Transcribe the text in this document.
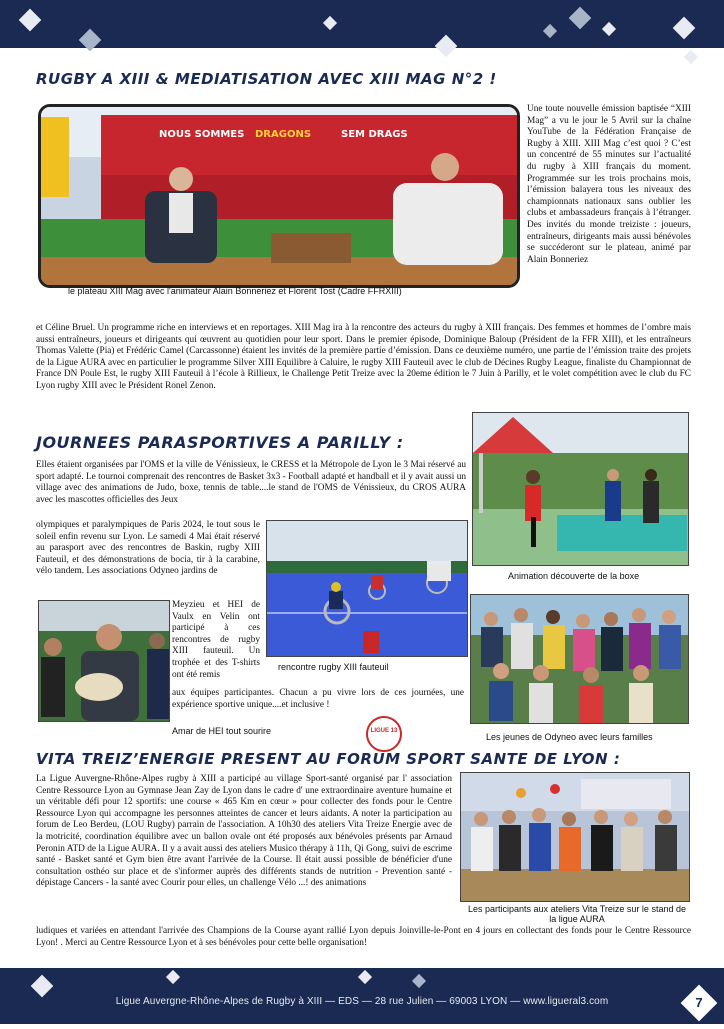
RUGBY A XIII & MEDIATISATION AVEC XIII MAG N°2 !
NOUS SOMMES DRAGONS	SEM DRAGS
le plateau XIII Mag avec l'animateur Alain Bonneriez et Florent Tost (Cadre FFRXIII)
Une toute nouvelle émission baptisée “XIII Mag” a vu le jour le 5 Avril sur la chaîne YouTube de la Fédération Française de Rugby à XIII. XIII Mag c’est quoi ? C’est un concentré de 55 minutes sur l’actualité du rugby à XIII français du moment. Programmée sur les trois prochains mois, l’émission balayera tous les niveaux des championnats nationaux sans oublier les clubs et ambassadeurs français à l’étranger. Des invités du monde treiziste : joueurs, entraîneurs, dirigeants mais aussi bénévoles se succéderont sur le plateau, animé par Alain Bonneriez
et Céline Bruel. Un programme riche en interviews et en reportages. XIII Mag ira à la rencontre des acteurs du rugby à XIII français. Des femmes et hommes de l’ombre mais aussi entraîneurs, joueurs et dirigeants qui œuvrent au quotidien pour leur sport. Dans le premier épisode, Dominique Baloup (Président de la FFR XIII), et les entraîneurs Thomas Valette (Pia) et Frédéric Camel (Carcassonne) étaient les invités de la première partie d’émission. Dans ce deuxième numéro, une partie de l’émission traite des projets de la Ligue AURA avec en particulier le programme Silver XIII Equilibre à Caluire, le rugby XIII Fauteuil avec le club de Décines Rugby League, finaliste du Championnat de France DN Poule Est, le rugby XIII Fauteuil à l’école à Rillieux, le Challenge Petit Treize avec la 20eme édition le 7 Juin à Parilly, et le volet compétition avec le club du FC Lyon rugby XIII avec le Président Ronel Zenon.
JOURNEES PARASPORTIVES A PARILLY :
Elles étaient organisées par l'OMS et la ville de Vénissieux, le CRESS et la Métropole de Lyon le 3 Mai réservé au sport adapté. Le tournoi comprenait des rencontres de Basket 3x3 - Football adapté et handball et il y avait aussi un village avec des animations de Judo, boxe, tennis de table....le stand de l'OMS de Vénissieux, du CROS AURA avec les mascottes officielles des Jeux
olympiques et paralympiques de Paris 2024, le tout sous le soleil enfin revenu sur Lyon. Le samedi 4 Mai était réservé au parasport avec des rencontres de Baskin, rugby XIII Fauteuil, et des démonstrations de bocia, tir à la carabine, vélo tandem. Les associations Odyneo jardins de
Meyzieu et HEI de Vaulx en Velin ont participé à ces rencontres de rugby XIII fauteuil. Un trophée et des T-shirts ont été remis
aux équipes participantes. Chacun a pu vivre lors de ces journées, une expérience sportive unique....et inclusive !
Animation découverte de la boxe
rencontre rugby XIII fauteuil
Amar de HEI tout sourire
Les jeunes de Odyneo avec leurs familles
LIGUE 13
VITA TREIZ’ENERGIE PRESENT AU FORUM SPORT SANTE DE LYON :
La Ligue Auvergne-Rhône-Alpes rugby à XIII a participé au village Sport-santé organisé par l' association Centre Ressource Lyon au Gymnase Jean Zay de Lyon dans le cadre d' une extraordinaire aventure humaine et un véritable défi pour 12 sportifs: une course « 465 Km en cœur » pour collecter des fonds pour le Centre Ressource Lyon qui accompagne les personnes atteintes de cancer et leurs aidants. A noter la participation au forum de Leo Berdeu, (LOU Rugby) parrain de l'association. A 10h30 des ateliers Vita Treize Energie avec de la motricité, coordination équilibre avec un ballon ovale ont été proposés aux bénévoles présents par Arnaud Peronin ATD de la Ligue AURA. Il y a avait aussi des ateliers Musico thérapy à 11h, Qi Gong, suivi de escrime santé - Basket santé et Gym bien être avant l'arrivée de la Course. Il était aussi possible de bénéficier d'une consultation osthéo sur place et de s'informer auprès des différents stands de nutrition - Prevention santé - dépistage Cancers - la santé avec Courir pour elles, un challenge Vélo ...! des animations
Les participants aux ateliers Vita Treize sur le stand de la ligue AURA
ludiques et variées en attendant l'arrivée des Champions de la Course ayant rallié Lyon depuis Joinville-le-Pont en 4 jours en collectant des fonds pour le Centre Ressource Lyon! . Merci au Centre Ressource Lyon et à ses bénévoles pour cette belle organisation!
Ligue Auvergne-Rhône-Alpes de Rugby à XIII — EDS — 28 rue Julien — 69003 LYON — www.ligueral3.com	7
